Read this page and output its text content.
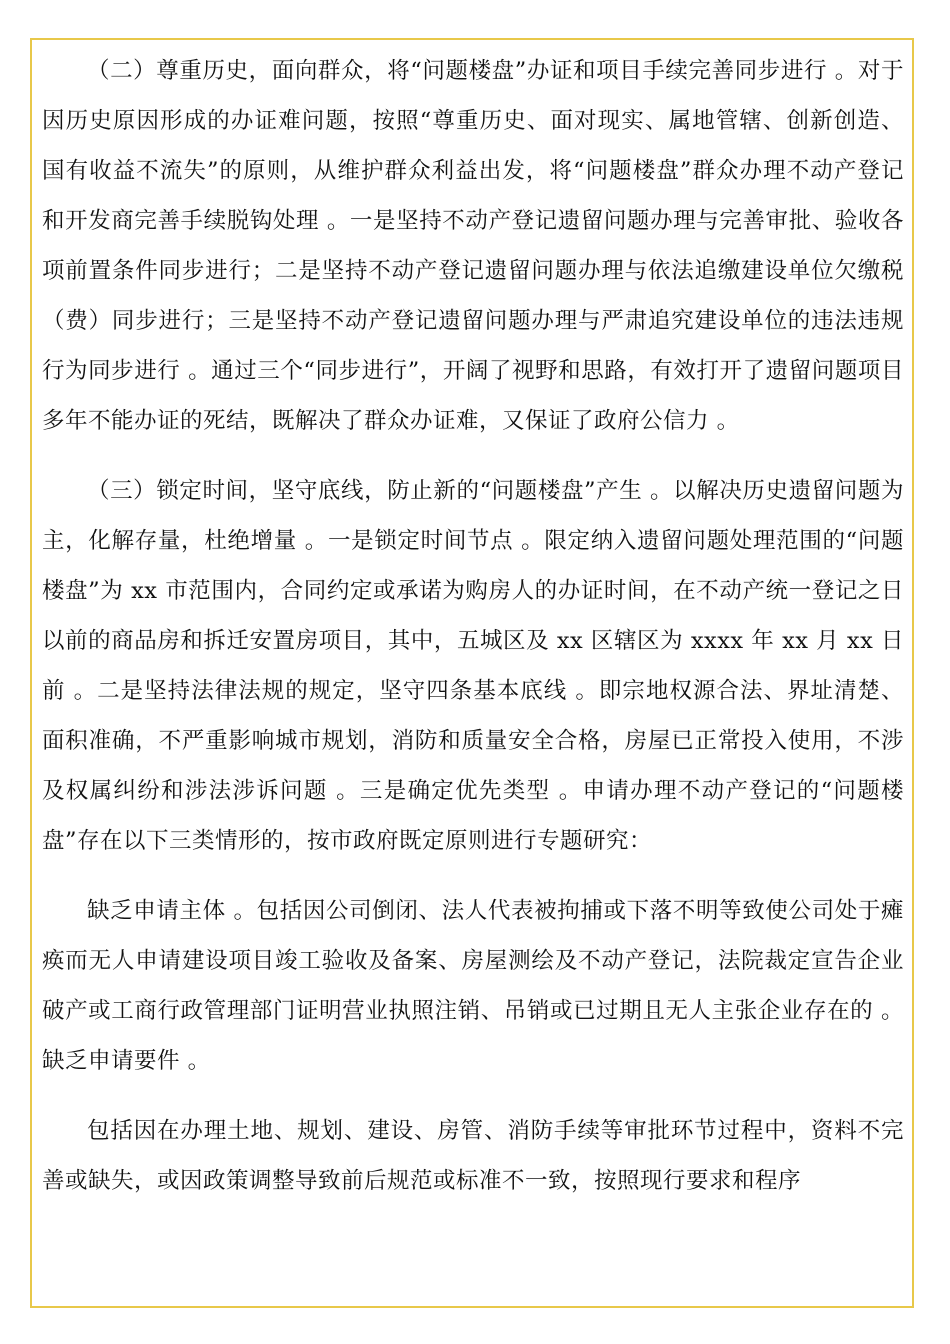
（二）尊重历史，面向群众，将“问题楼盘”办证和项目手续完善同步进行 。对于因历史原因形成的办证难问题，按照“尊重历史、面对现实、属地管辖、创新创造、国有收益不流失”的原则，从维护群众利益出发，将“问题楼盘”群众办理不动产登记和开发商完善手续脱钩处理 。一是坚持不动产登记遗留问题办理与完善审批、验收各项前置条件同步进行；二是坚持不动产登记遗留问题办理与依法追缴建设单位欠缴税（费）同步进行；三是坚持不动产登记遗留问题办理与严肃追究建设单位的违法违规行为同步进行 。通过三个“同步进行”，开阔了视野和思路，有效打开了遗留问题项目多年不能办证的死结，既解决了群众办证难，又保证了政府公信力 。

（三）锁定时间，坚守底线，防止新的“问题楼盘”产生 。以解决历史遗留问题为主，化解存量，杜绝增量 。一是锁定时间节点 。限定纳入遗留问题处理范围的“问题楼盘”为 xx 市范围内，合同约定或承诺为购房人的办证时间，在不动产统一登记之日以前的商品房和拆迁安置房项目，其中，五城区及 xx 区辖区为 xxxx 年 xx 月 xx 日前 。二是坚持法律法规的规定，坚守四条基本底线 。即宗地权源合法、界址清楚、面积准确，不严重影响城市规划，消防和质量安全合格，房屋已正常投入使用，不涉及权属纠纷和涉法涉诉问题 。三是确定优先类型 。申请办理不动产登记的“问题楼盘”存在以下三类情形的，按市政府既定原则进行专题研究：

缺乏申请主体 。包括因公司倒闭、法人代表被拘捕或下落不明等致使公司处于瘫痪而无人申请建设项目竣工验收及备案、房屋测绘及不动产登记，法院裁定宣告企业破产或工商行政管理部门证明营业执照注销、吊销或已过期且无人主张企业存在的 。缺乏申请要件 。

包括因在办理土地、规划、建设、房管、消防手续等审批环节过程中，资料不完善或缺失，或因政策调整导致前后规范或标准不一致，按照现行要求和程序
